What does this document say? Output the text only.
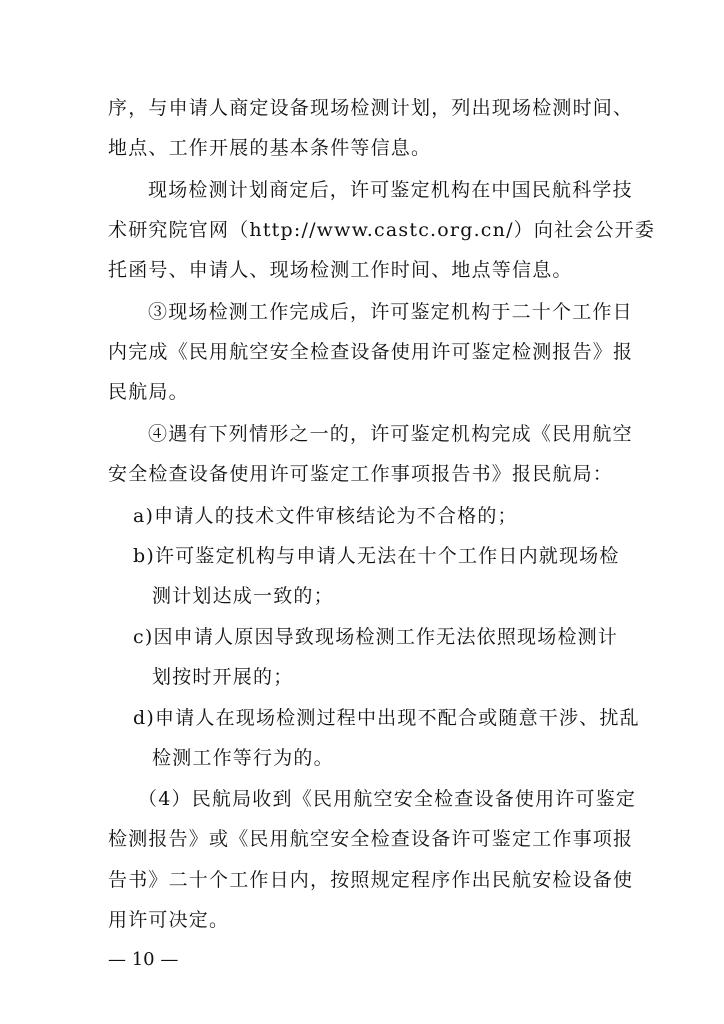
序，与申请人商定设备现场检测计划，列出现场检测时间、
地点、工作开展的基本条件等信息。
现场检测计划商定后，许可鉴定机构在中国民航科学技
术研究院官网（http://www.castc.org.cn/）向社会公开委
托函号、申请人、现场检测工作时间、地点等信息。
③现场检测工作完成后，许可鉴定机构于二十个工作日
内完成《民用航空安全检查设备使用许可鉴定检测报告》报
民航局。
④遇有下列情形之一的，许可鉴定机构完成《民用航空
安全检查设备使用许可鉴定工作事项报告书》报民航局：
a)申请人的技术文件审核结论为不合格的；
b)许可鉴定机构与申请人无法在十个工作日内就现场检
测计划达成一致的；
c)因申请人原因导致现场检测工作无法依照现场检测计
划按时开展的；
d)申请人在现场检测过程中出现不配合或随意干涉、扰乱
检测工作等行为的。
（4）民航局收到《民用航空安全检查设备使用许可鉴定
检测报告》或《民用航空安全检查设备许可鉴定工作事项报
告书》二十个工作日内，按照规定程序作出民航安检设备使
用许可决定。
— 10 —
